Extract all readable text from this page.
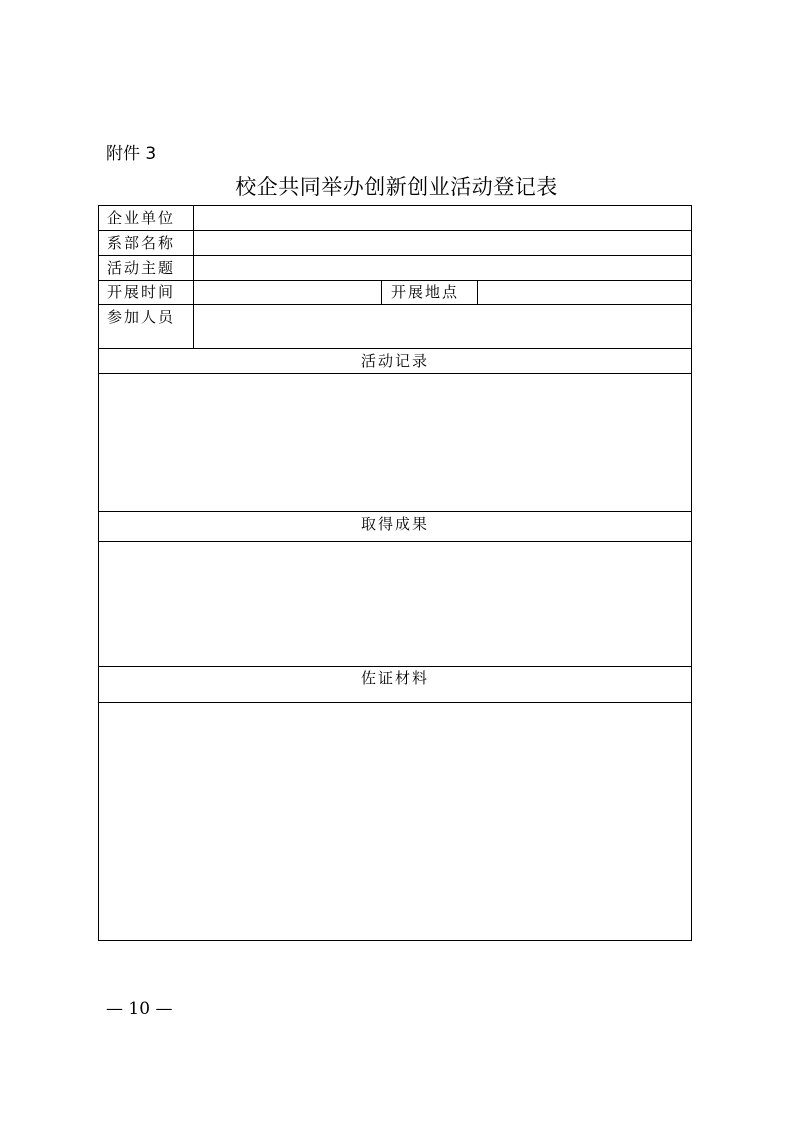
附件 3
校企共同举办创新创业活动登记表
企业单位
系部名称
活动主题
开展时间	开展地点
参加人员
活动记录
取得成果
佐证材料
— 10 —
